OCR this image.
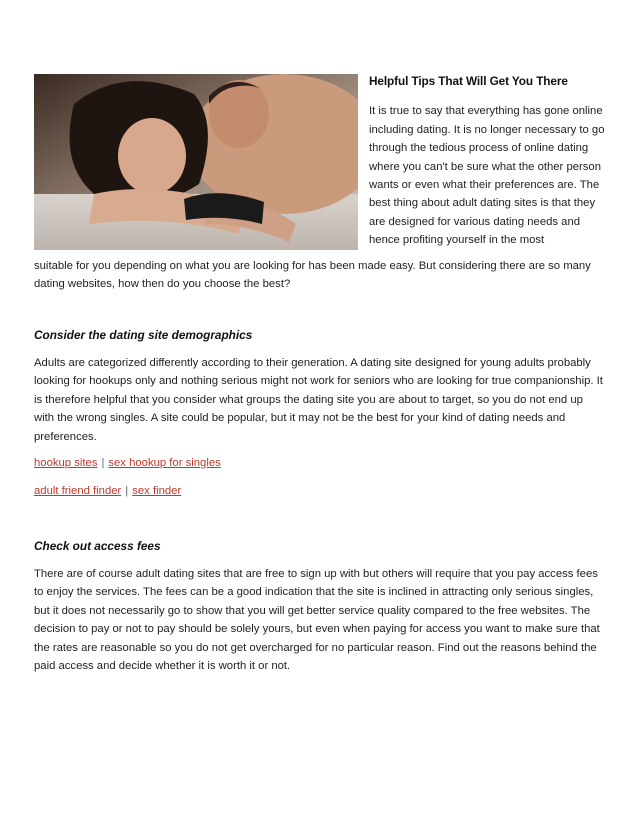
Helpful Tips That Will Get You There

It is true to say that everything has gone online including dating. It is no longer necessary to go through the tedious process of online dating where you can't be sure what the other person wants or even what their preferences are. The best thing about adult dating sites is that they are designed for various dating needs and hence profiting yourself in the most

suitable for you depending on what you are looking for has been made easy. But considering there are so many dating websites, how then do you choose the best?

Consider the dating site demographics

Adults are categorized differently according to their generation. A dating site designed for young adults probably looking for hookups only and nothing serious might not work for seniors who are looking for true companionship. It is therefore helpful that you consider what groups the dating site you are about to target, so you do not end up with the wrong singles. A site could be popular, but it may not be the best for your kind of dating needs and preferences.

hookup sites | sex hookup for singles

adult friend finder | sex finder

Check out access fees

There are of course adult dating sites that are free to sign up with but others will require that you pay access fees to enjoy the services. The fees can be a good indication that the site is inclined in attracting only serious singles, but it does not necessarily go to show that you will get better service quality compared to the free websites. The decision to pay or not to pay should be solely yours, but even when paying for access you want to make sure that the rates are reasonable so you do not get overcharged for no particular reason. Find out the reasons behind the paid access and decide whether it is worth it or not.
